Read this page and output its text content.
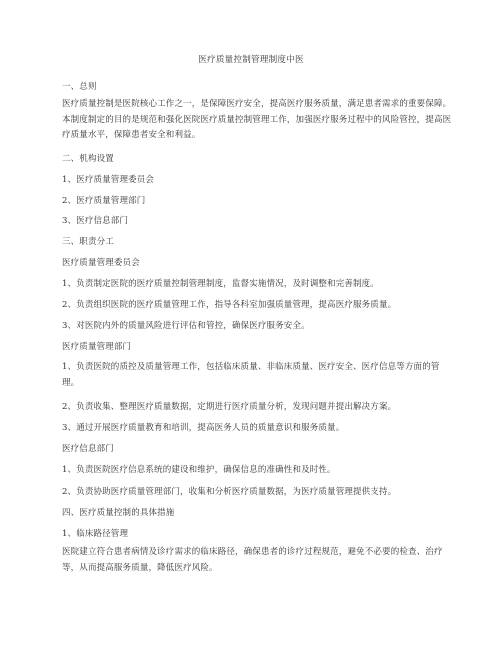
医疗质量控制管理制度中医
一、总则
医疗质量控制是医院核心工作之一，是保障医疗安全，提高医疗服务质量，满足患者需求的重要保障。本制度制定的目的是规范和强化医院医疗质量控制管理工作，加强医疗服务过程中的风险管控，提高医疗质量水平，保障患者安全和利益。
二、机构设置
1、医疗质量管理委员会
2、医疗质量管理部门
3、医疗信息部门
三、职责分工
医疗质量管理委员会
1、负责制定医院的医疗质量控制管理制度，监督实施情况，及时调整和完善制度。
2、负责组织医院的医疗质量管理工作，指导各科室加强质量管理，提高医疗服务质量。
3、对医院内外的质量风险进行评估和管控，确保医疗服务安全。
医疗质量管理部门
1、负责医院的质控及质量管理工作，包括临床质量、非临床质量、医疗安全、医疗信息等方面的管理。
2、负责收集、整理医疗质量数据，定期进行医疗质量分析，发现问题并提出解决方案。
3、通过开展医疗质量教育和培训，提高医务人员的质量意识和服务质量。
医疗信息部门
1、负责医院医疗信息系统的建设和维护，确保信息的准确性和及时性。
2、负责协助医疗质量管理部门，收集和分析医疗质量数据，为医疗质量管理提供支持。
四、医疗质量控制的具体措施
1、临床路径管理
医院建立符合患者病情及诊疗需求的临床路径，确保患者的诊疗过程规范，避免不必要的检查、治疗等，从而提高服务质量，降低医疗风险。
